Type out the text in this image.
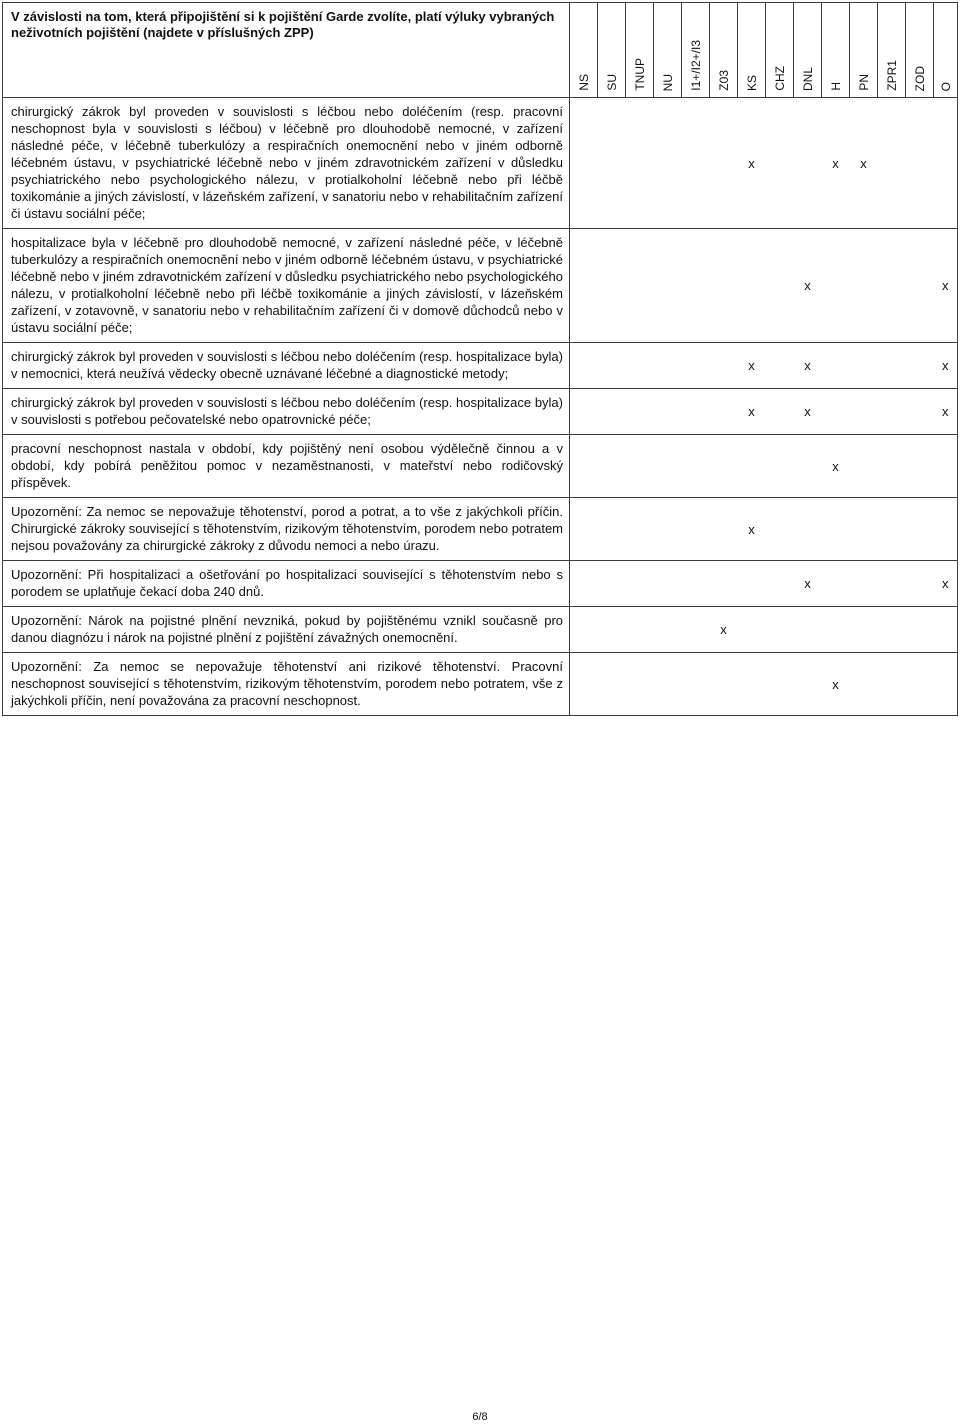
V závislosti na tom, která připojištění si k pojištění Garde zvolíte, platí výluky vybraných neživotních pojištění (najdete v příslušných ZPP)	NS	SU	TNUP	NU	I1+/I2+/I3	Z03	KS	CHZ	DNL	H	PN	ZPR1	ZOD	O

chirurgický zákrok byl proveden v souvislosti s léčbou nebo doléčením (resp. pracovní neschopnost byla v souvislosti s léčbou) v léčebně pro dlouhodobě nemocné, v zařízení následné péče, v léčebně tuberkulózy a respiračních onemocnění nebo v jiném odborně léčebném ústavu, v psychiatrické léčebně nebo v jiném zdravotnickém zařízení v důsledku psychiatrického nebo psychologického nálezu, v protialkoholní léčebně nebo při léčbě toxikománie a jiných závislostí, v lázeňském zařízení, v sanatoriu nebo v rehabilitačním zařízení či ústavu sociální péče;							x			x	x			

hospitalizace byla v léčebně pro dlouhodobě nemocné, v zařízení následné péče, v léčebně tuberkulózy a respiračních onemocnění nebo v jiném odborně léčebném ústavu, v psychiatrické léčebně nebo v jiném zdravotnickém zařízení v důsledku psychiatrického nebo psychologického nálezu, v protialkoholní léčebně nebo při léčbě toxikománie a jiných závislostí, v lázeňském zařízení, v zotavovně, v sanatoriu nebo v rehabilitačním zařízení či v domově důchodců nebo v ústavu sociální péče;									x					x

chirurgický zákrok byl proveden v souvislosti s léčbou nebo doléčením (resp. hospitalizace byla) v nemocnici, která neužívá vědecky obecně uznávané léčebné a diagnostické metody;							x		x					x

chirurgický zákrok byl proveden v souvislosti s léčbou nebo doléčením (resp. hospitalizace byla) v souvislosti s potřebou pečovatelské nebo opatrovnické péče;							x		x					x

pracovní neschopnost nastala v období, kdy pojištěný není osobou výdělečně činnou a v období, kdy pobírá peněžitou pomoc v nezaměstnanosti, v mateřství nebo rodičovský příspěvek.										x				

Upozornění: Za nemoc se nepovažuje těhotenství, porod a potrat, a to vše z jakýchkoli příčin. Chirurgické zákroky související s těhotenstvím, rizikovým těhotenstvím, porodem nebo potratem nejsou považovány za chirurgické zákroky z důvodu nemoci a nebo úrazu.							x							

Upozornění: Při hospitalizaci a ošetřování po hospitalizaci související s těhotenstvím nebo s porodem se uplatňuje čekací doba 240 dnů.									x					x

Upozornění: Nárok na pojistné plnění nevzniká, pokud by pojištěnému vznikl současně pro danou diagnózu i nárok na pojistné plnění z pojištění závažných onemocnění.						x								

Upozornění: Za nemoc se nepovažuje těhotenství ani rizikové těhotenství. Pracovní neschopnost související s těhotenstvím, rizikovým těhotenstvím, porodem nebo potratem, vše z jakýchkoli příčin, není považována za pracovní neschopnost.										x				
6/8
